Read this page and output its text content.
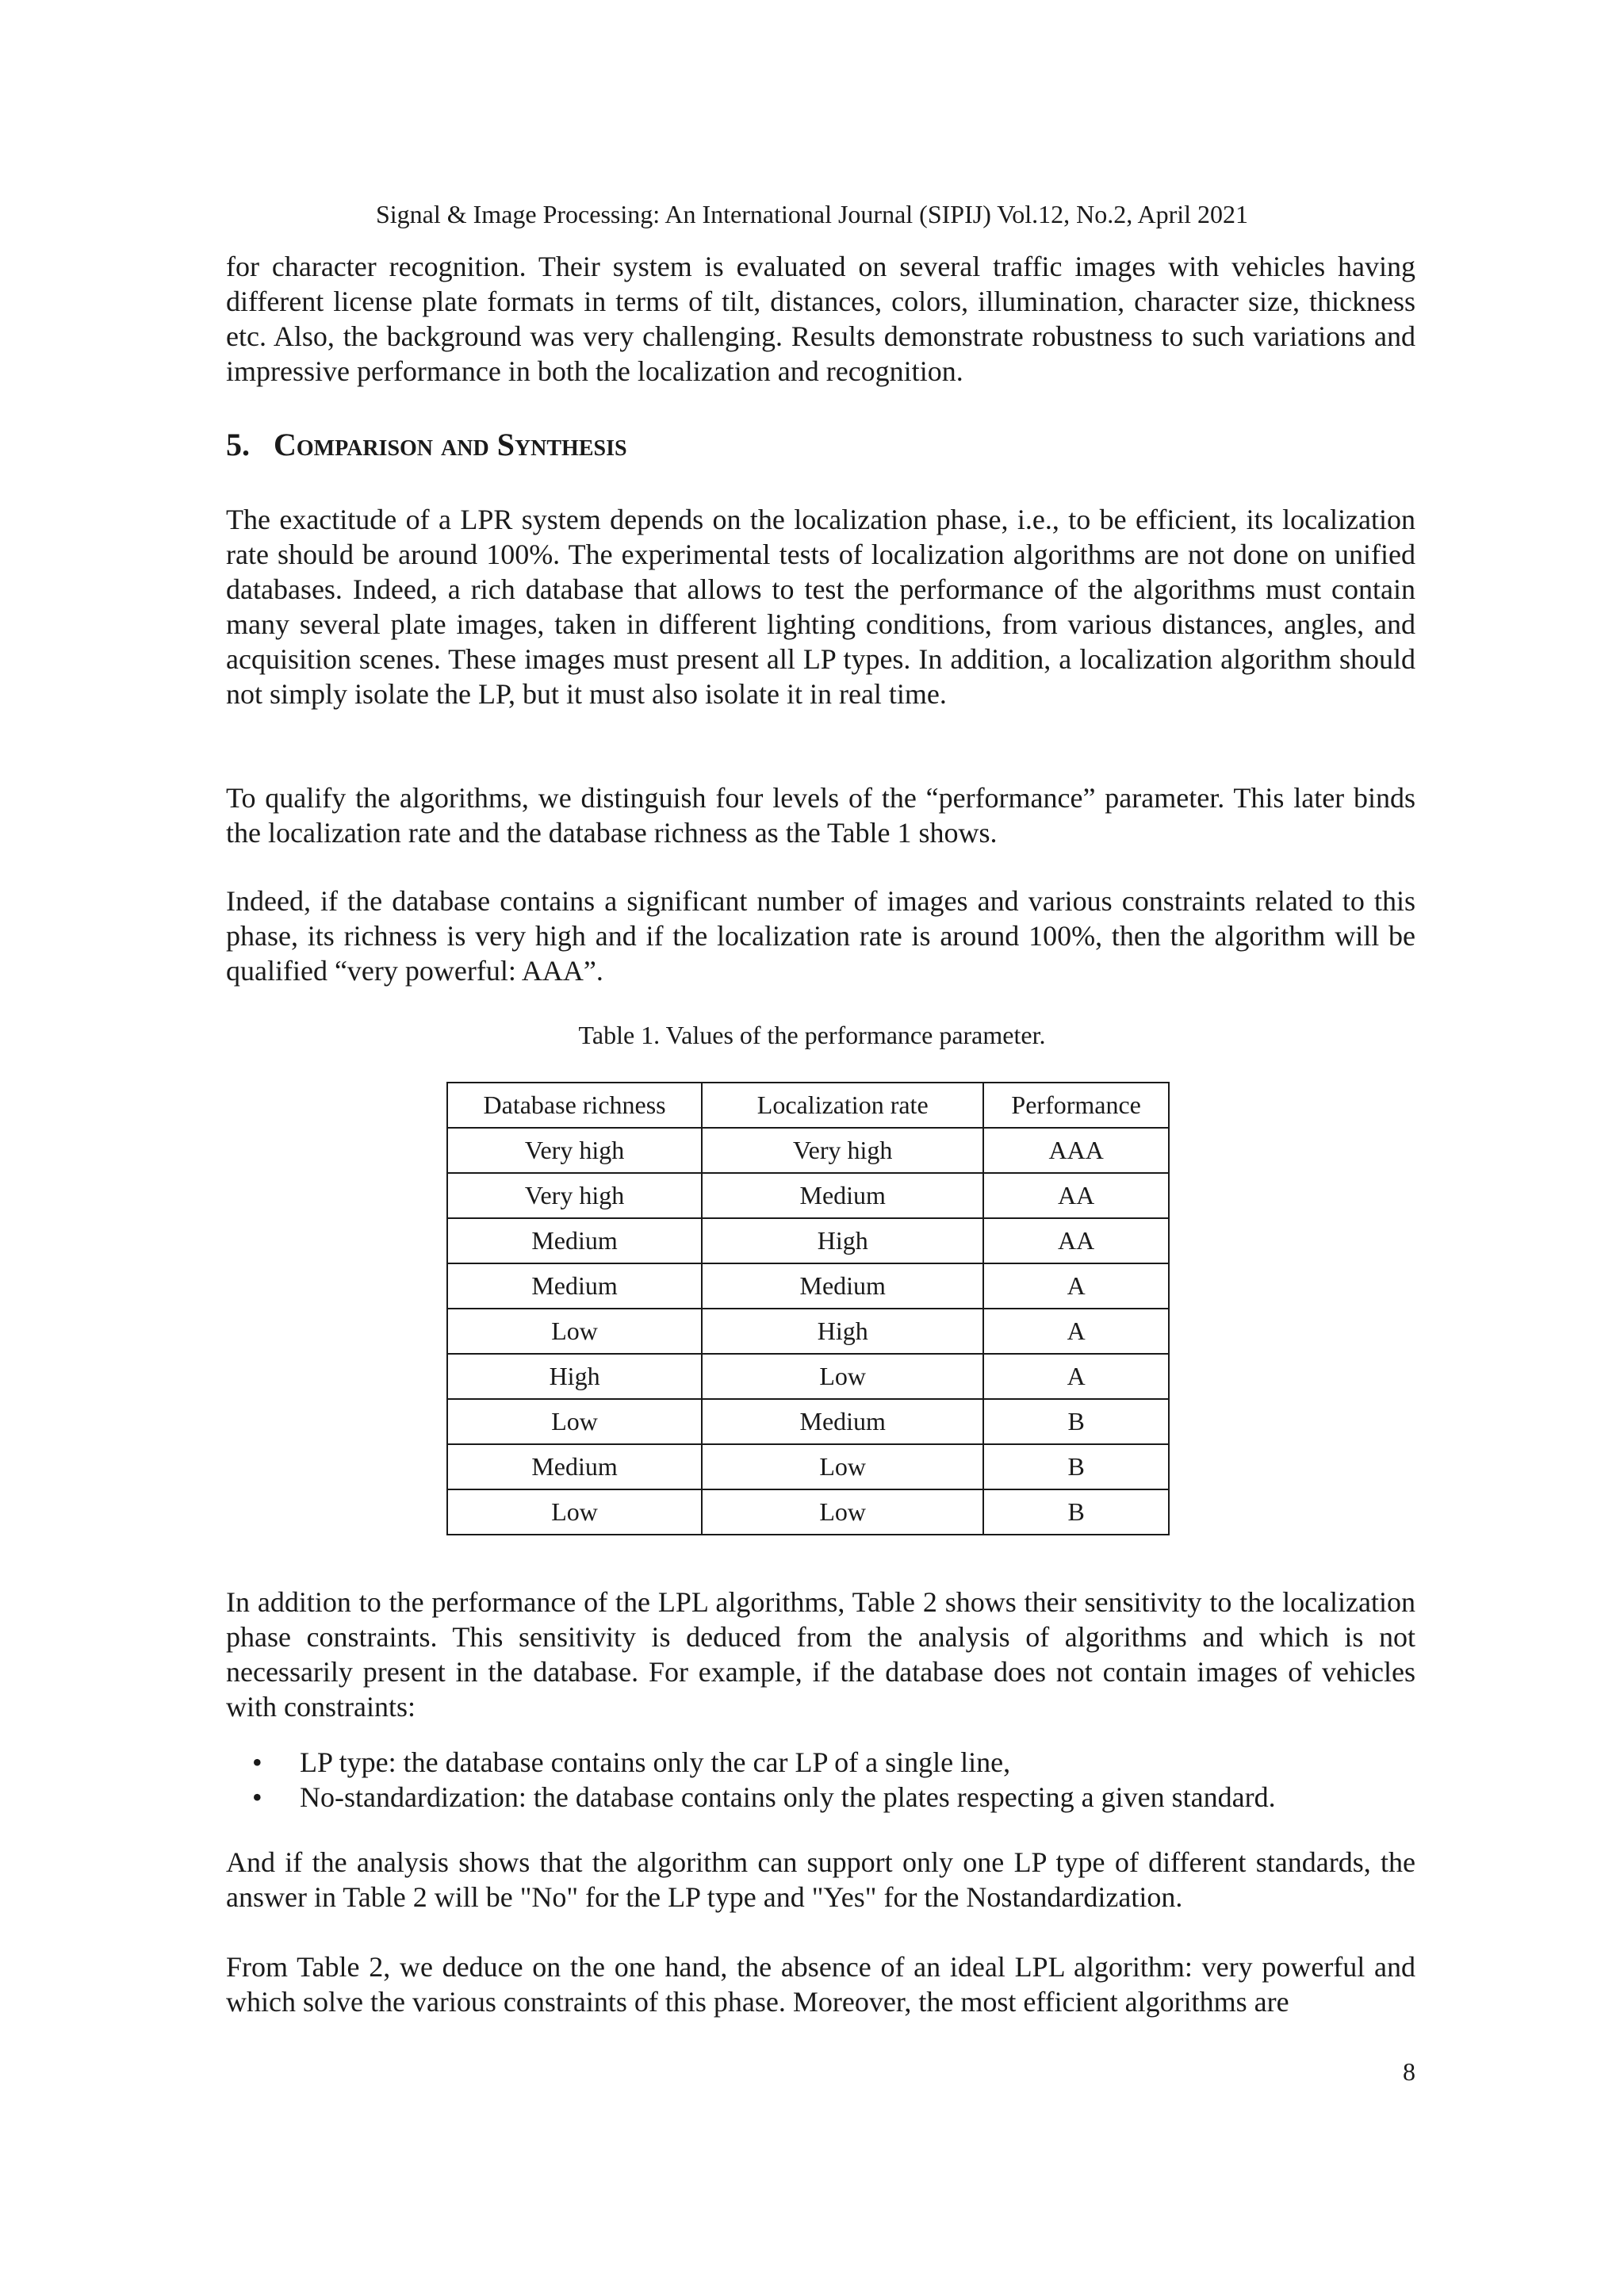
Signal & Image Processing: An International Journal (SIPIJ) Vol.12, No.2, April 2021

for character recognition. Their system is evaluated on several traffic images with vehicles having different license plate formats in terms of tilt, distances, colors, illumination, character size, thickness etc. Also, the background was very challenging. Results demonstrate robustness to such variations and impressive performance in both the localization and recognition.

5. Comparison and Synthesis

The exactitude of a LPR system depends on the localization phase, i.e., to be efficient, its localization rate should be around 100%. The experimental tests of localization algorithms are not done on unified databases. Indeed, a rich database that allows to test the performance of the algorithms must contain many several plate images, taken in different lighting conditions, from various distances, angles, and acquisition scenes. These images must present all LP types. In addition, a localization algorithm should not simply isolate the LP, but it must also isolate it in real time.

To qualify the algorithms, we distinguish four levels of the “performance” parameter. This later binds the localization rate and the database richness as the Table 1 shows.

Indeed, if the database contains a significant number of images and various constraints related to this phase, its richness is very high and if the localization rate is around 100%, then the algorithm will be qualified “very powerful: AAA”.

Table 1. Values of the performance parameter.
Database richness	Localization rate	Performance
Very high	Very high	AAA
Very high	Medium	AA
Medium	High	AA
Medium	Medium	A
Low	High	A
High	Low	A
Low	Medium	B
Medium	Low	B
Low	Low	B

In addition to the performance of the LPL algorithms, Table 2 shows their sensitivity to the localization phase constraints. This sensitivity is deduced from the analysis of algorithms and which is not necessarily present in the database. For example, if the database does not contain images of vehicles with constraints:

• LP type: the database contains only the car LP of a single line,
• No-standardization: the database contains only the plates respecting a given standard.

And if the analysis shows that the algorithm can support only one LP type of different standards, the answer in Table 2 will be "No" for the LP type and "Yes" for the Nostandardization.

From Table 2, we deduce on the one hand, the absence of an ideal LPL algorithm: very powerful and which solve the various constraints of this phase. Moreover, the most efficient algorithms are

8
